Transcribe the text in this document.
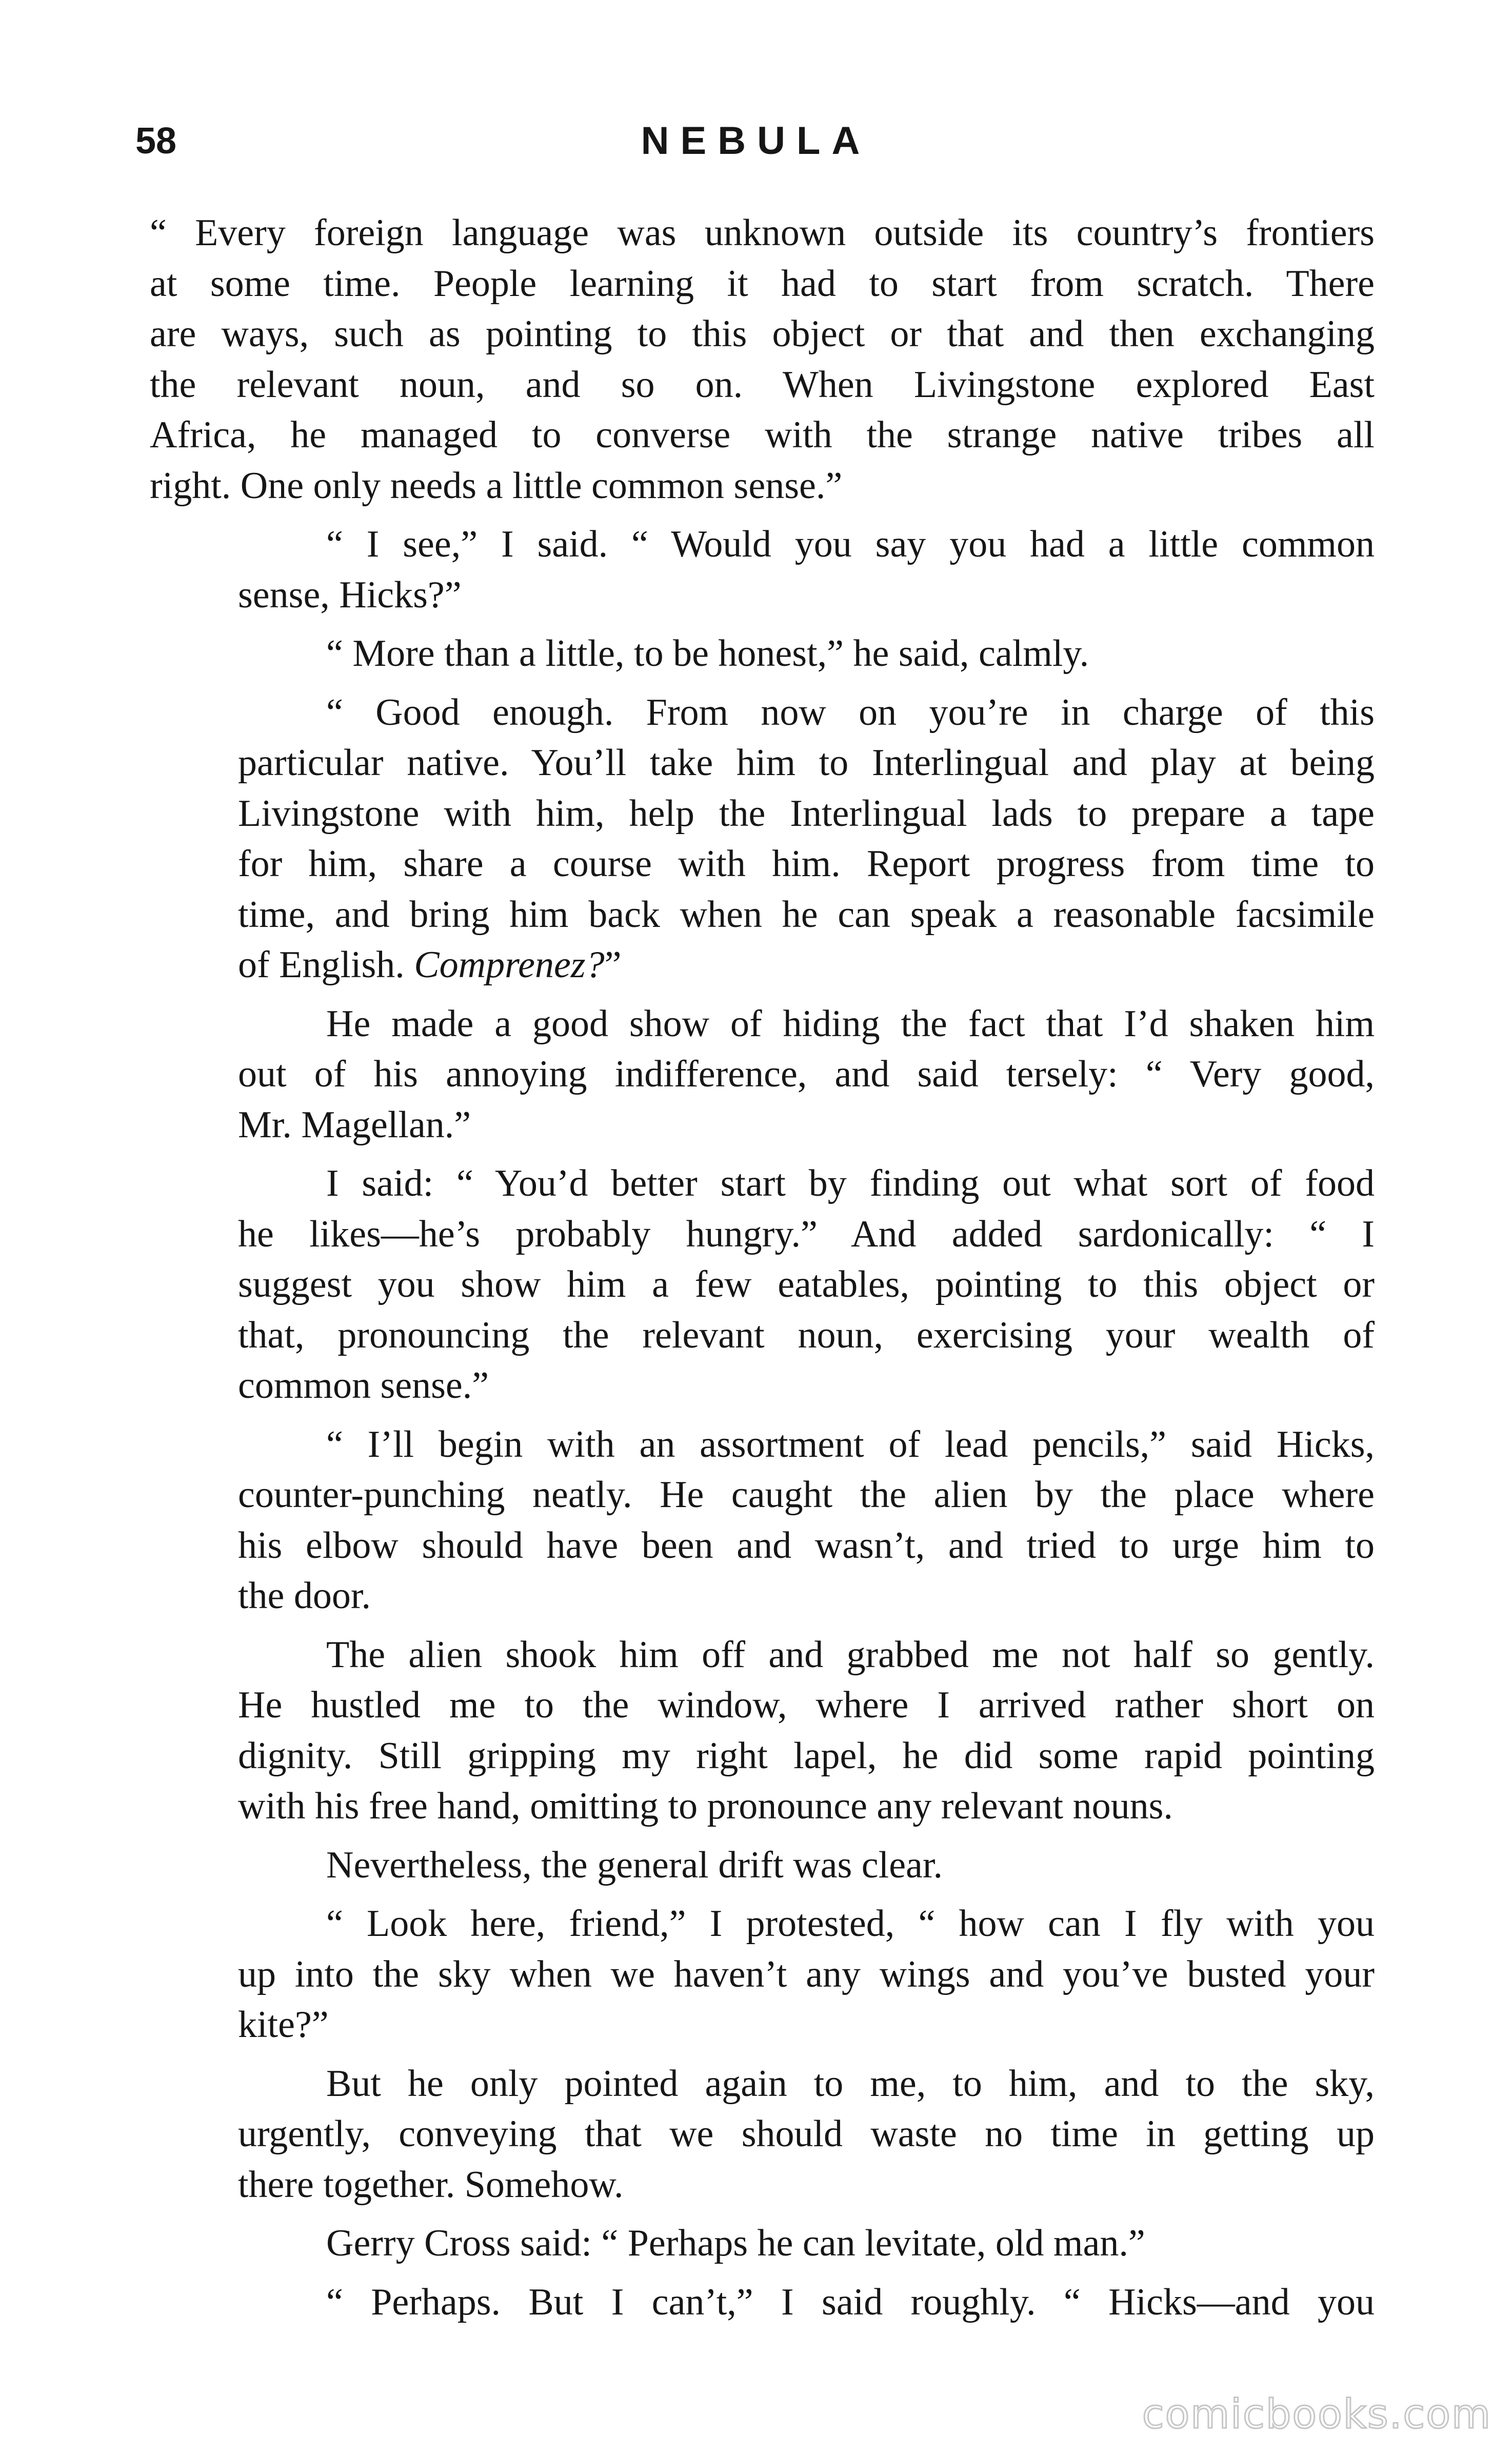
58	NEBULA
“ Every foreign language was unknown outside its country’s frontiers
at some time. People learning it had to start from scratch. There
are ways, such as pointing to this object or that and then exchanging
the relevant noun, and so on. When Livingstone explored East
Africa, he managed to converse with the strange native tribes all
right. One only needs a little common sense.”
“ I see,” I said. “ Would you say you had a little common
sense, Hicks?”
“ More than a little, to be honest,” he said, calmly.
“ Good enough. From now on you’re in charge of this
particular native. You’ll take him to Interlingual and play at being
Livingstone with him, help the Interlingual lads to prepare a tape
for him, share a course with him. Report progress from time to
time, and bring him back when he can speak a reasonable facsimile
of English. Comprenez?”
He made a good show of hiding the fact that I’d shaken him
out of his annoying indifference, and said tersely: “ Very good,
Mr. Magellan.”
I said: “ You’d better start by finding out what sort of food
he likes—he’s probably hungry.” And added sardonically: “ I
suggest you show him a few eatables, pointing to this object or
that, pronouncing the relevant noun, exercising your wealth of
common sense.”
“ I’ll begin with an assortment of lead pencils,” said Hicks,
counter-punching neatly. He caught the alien by the place where
his elbow should have been and wasn’t, and tried to urge him to
the door.
The alien shook him off and grabbed me not half so gently.
He hustled me to the window, where I arrived rather short on
dignity. Still gripping my right lapel, he did some rapid pointing
with his free hand, omitting to pronounce any relevant nouns.
Nevertheless, the general drift was clear.
“ Look here, friend,” I protested, “ how can I fly with you
up into the sky when we haven’t any wings and you’ve busted your
kite?”
But he only pointed again to me, to him, and to the sky,
urgently, conveying that we should waste no time in getting up
there together. Somehow.
Gerry Cross said: “ Perhaps he can levitate, old man.”
“ Perhaps. But I can’t,” I said roughly. “ Hicks—and you
comicbooks.com
